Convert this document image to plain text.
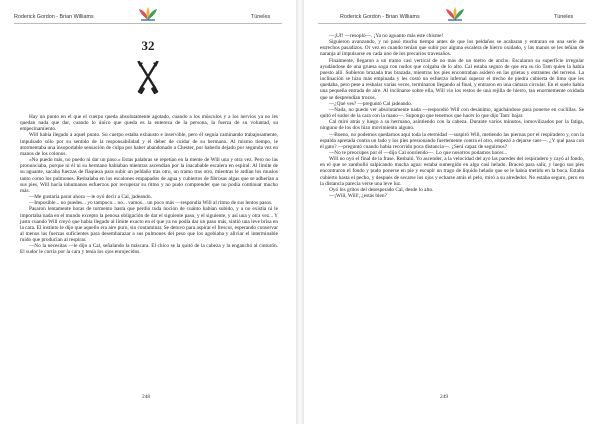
Roderick Gordon - Brian Williams	Túneles
32

Hay un punto en el que el cuerpo queda absolutamente agotado, cuando a los músculos y a los nervios ya no les quedan nada que dar, cuando lo único que queda es la entereza de la persona, la fuerza de su voluntad, su empecinamiento.

Will había llegado a aquel punto. Su cuerpo estaba exhausto e inservible, pero él seguía caminando trabajosamente, impulsado sólo por su sentido de la responsabilidad y el deber de cuidar de su hermano. Al mismo tiempo, le atormentaba una insoportable sensación de culpa por haber abandonado a Chester, por haberlo dejado por segunda vez en manos de los colonos.

«No puedo más, no puedo ni dar un paso.» Estas palabras se repetían en la mente de Will una y otra vez. Pero no las pronunciaba, porque ni él ni su hermano hablaban mientras ascendían por la inacabable escalera en espiral. Al límite de su aguante, sacaba fuerzas de flaqueza para subir un peldaño tras otro, un tramo tras otro, mientras le ardían los muslos tanto como los pulmones. Resbalaba en los escalones empapados de agua y cubiertos de fibrosas algas que se adherían a sus pies, Will hacía inhumanos esfuerzos por recuperar su ritmo y no pudo comprender que no podía continuar mucho más.

—Me gustaría parar ahora —le oyó decir a Cal, jadeando.

—Imposible... no puedes... yo tampoco... no... vamos... un poco más —respondía Will al ritmo de sus lentos pasos.

Pasaron lentamente horas de tormento hasta que perdió toda noción de cuánto habían subido, y a no existía ni le importaba nada en el mundo excepto la penosa obligación de dar el siguiente paso, y el siguiente, y así una y otra vez... Y justo cuando Will creyó que había llegado al límite exacto en el que ya no podía dar un paso más, sintió una leve brisa en la cara. El instinto le dijo que aquello era aire puro, sin contaminar. Se detuvo para aspirar el frescor, esperando conservar al menos las fuerzas suficientes para desembarazar a sus pulmones del peso que los agobiaba y aliviar el interminable ruido que producían al respirar.

—No la necesitas —le dijo a Cal, señalando la máscara. El chico se la quitó de la cabeza y la enganchó al cinturón. El sudor le corría por la cara y tenía los ojos enrojecidos.

248
Roderick Gordon - Brian Williams	Túneles

—¡Uf! —resopló—. ¡Ya no aguanto más este chisme!

Siguieron avanzando, y no pasó mucho tiempo antes de que los peldaños se acabaran y entraran en una serie de estrechos pasadizos. Or vez en cuando tenían que subir por alguna escalera de hierro oxidado, y las manos se les teñían de naranja al impulsarse en cada uno de los precarios travesaños.

Finalmente, llegaron a un tramo casi vertical de no más de un metro de ancho. Escalaron su superficie irregular ayudándose de una gruesa soga con nudos que colgaba de lo alto. Cal estaba seguro de que era su tío Tam quien la había puesto allí. Subieron brazada tras brazada, mientras los pies encontraban asidero en las grietas y entrantes del terreno. La inclinación se hizo más empinada y les costó un esfuerzo infernal superar el trecho de piedra cubierta de limo que les quedaba, pero pese a resbalar varias veces, terminaron llegando al final, y entraron en una cámara circular. En el suelo había una pequeña entrada de aire. Al inclinarse sobre ella, Will vio los restos de una rejilla de hierro, tan enormemente oxidada que se desprendían trozos.

—¿Qué ves? —preguntó Cal jadeando.

—Nada, no puedo ver absolutamente nada —respondió Will con desánimo, agachándose para ponerse en cuclillas. Se quitó el sudor de la cara con la mano—. Supongo que tenemos que hacer lo que dijo Tam: bajar.

Cal miró atrás y luego a su hermano, asintiendo con la cabeza. Durante varios minutos, inmovilizados por la fatiga, ninguno de los dos hizo movimiento alguno.

—Bueno, no podemos quedarnos aquí toda la eternidad —suspiró Will, metiendo las piernas por el respiradero y, con la espalda apretada contra un lado y los pies presionando fuertemente contra el otro, empezó a dejarse caer—. ¿Y qué pasa con el gato? —preguntó cuando había recorrido poca distancia—. ¿Será capaz de seguirnos?

—No te preocupes por él —dijo Cal sonriendo—. Lo que nosotros podamos hacer...

Will no oyó el final de la frase. Resbaló. Yo ascender, a la velocidad del ayo las paredes del respiradero y cayó al fondo, en el que se zambulló salpicando mucha agua: estaba sumergido en algo casi helado. Braceó para salir, y luego sus pies encontraron el fondo y pudo ponerse en pie y escupir un trago de líquido helado que se le había metido en la boca. Estaba cubierto hasta el pecho, y después de secarse los ojos y echarse atrás el pelo, miró a su alrededor. No estaba seguro, pero en la distancia parecía verse una leve luz.

Oyó los gritos del desesperado Cal, desde lo alto.

—¡Will, Will!, ¿estás bien?

249
